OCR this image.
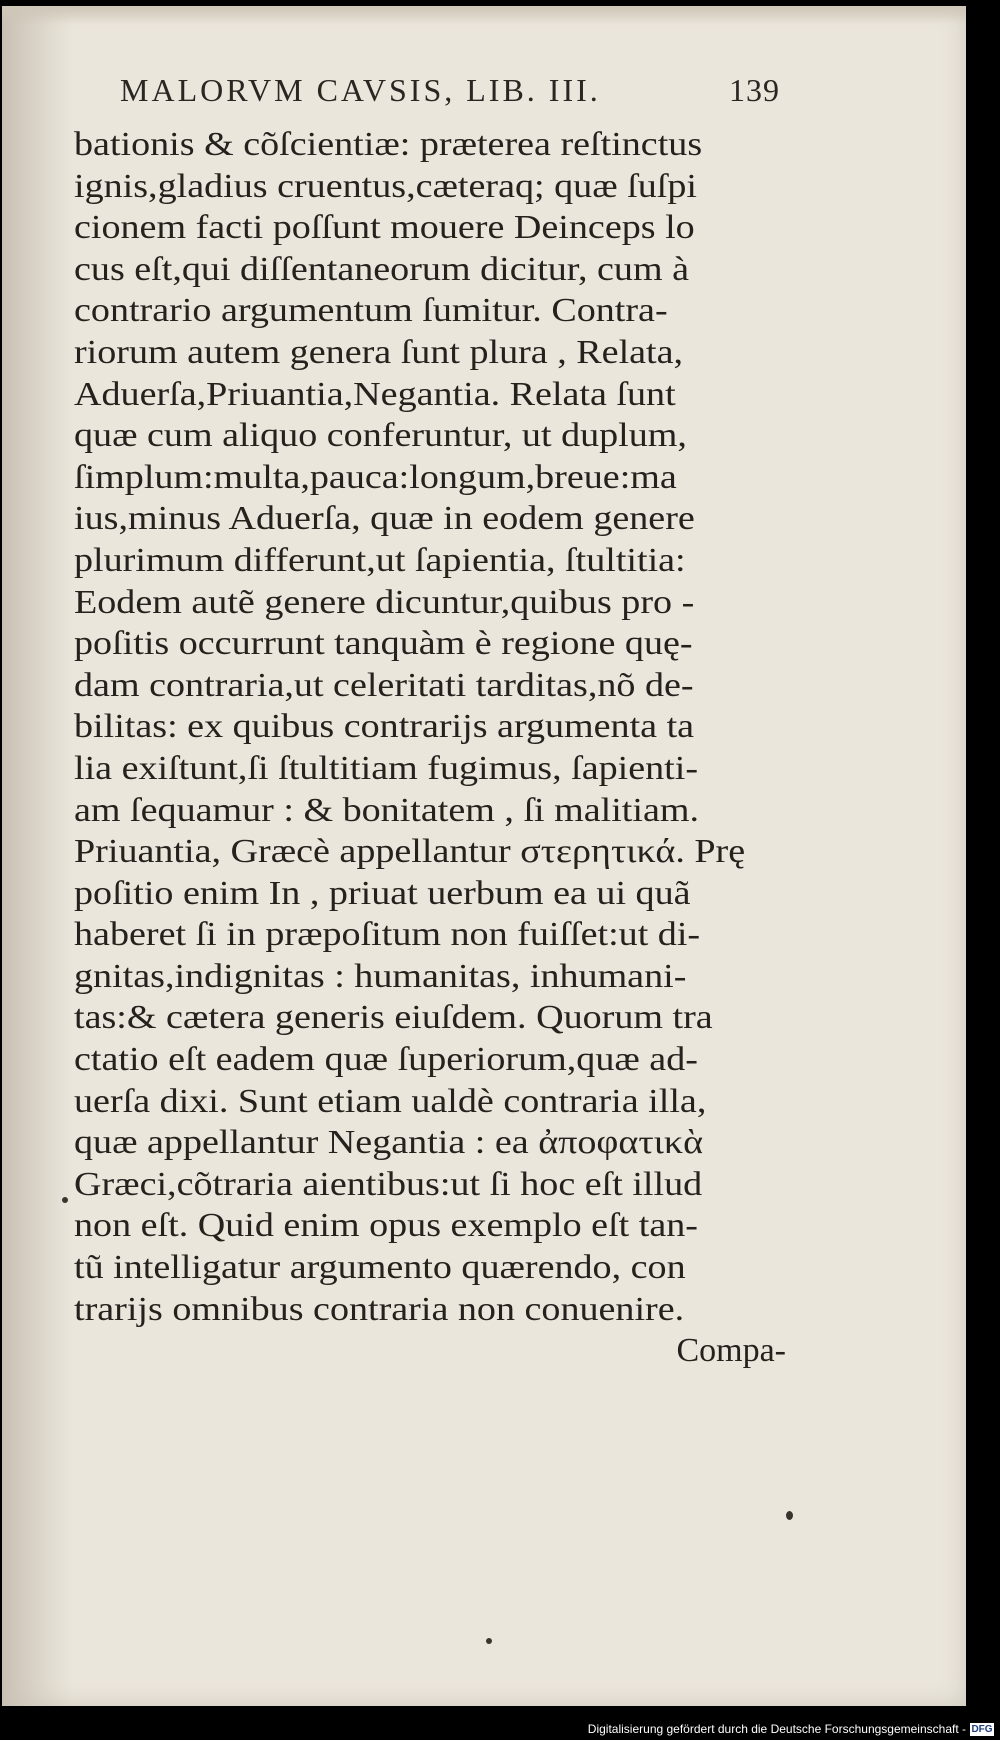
MALORVM CAVSIS, LIB. III.	139
bationis & cõſcientiæ: præterea reſtinctus
ignis,gladius cruentus,cæteraq; quæ ſuſpi
cionem facti poſſunt mouere Deinceps lo
cus eſt,qui diſſentaneorum dicitur, cum à
contrario argumentum ſumitur. Contra-
riorum autem genera ſunt plura , Relata,
Aduerſa,Priuantia,Negantia. Relata ſunt
quæ cum aliquo conferuntur, ut duplum,
ſimplum:multa,pauca:longum,breue:ma
ius,minus Aduerſa, quæ in eodem genere
plurimum differunt,ut ſapientia, ſtultitia:
Eodem autẽ genere dicuntur,quibus pro -
poſitis occurrunt tanquàm è regione quę-
dam contraria,ut celeritati tarditas,nõ de-
bilitas: ex quibus contrarijs argumenta ta
lia exiſtunt,ſi ſtultitiam fugimus, ſapienti-
am ſequamur : & bonitatem , ſi malitiam.
Priuantia, Græcè appellantur στερητικά. Prę
poſitio enim In , priuat uerbum ea ui quã
haberet ſi in præpoſitum non fuiſſet:ut di-
gnitas,indignitas : humanitas, inhumani-
tas:& cætera generis eiuſdem. Quorum tra
ctatio eſt eadem quæ ſuperiorum,quæ ad-
uerſa dixi. Sunt etiam ualdè contraria illa,
quæ appellantur Negantia : ea ἀποφατικὰ
Græci,cõtraria aientibus:ut ſi hoc eſt illud
non eſt. Quid enim opus exemplo eſt tan-
tũ intelligatur argumento quærendo, con
trarijs omnibus contraria non conuenire.
Compa-
Digitalisierung gefördert durch die Deutsche Forschungsgemeinschaft - DFG
